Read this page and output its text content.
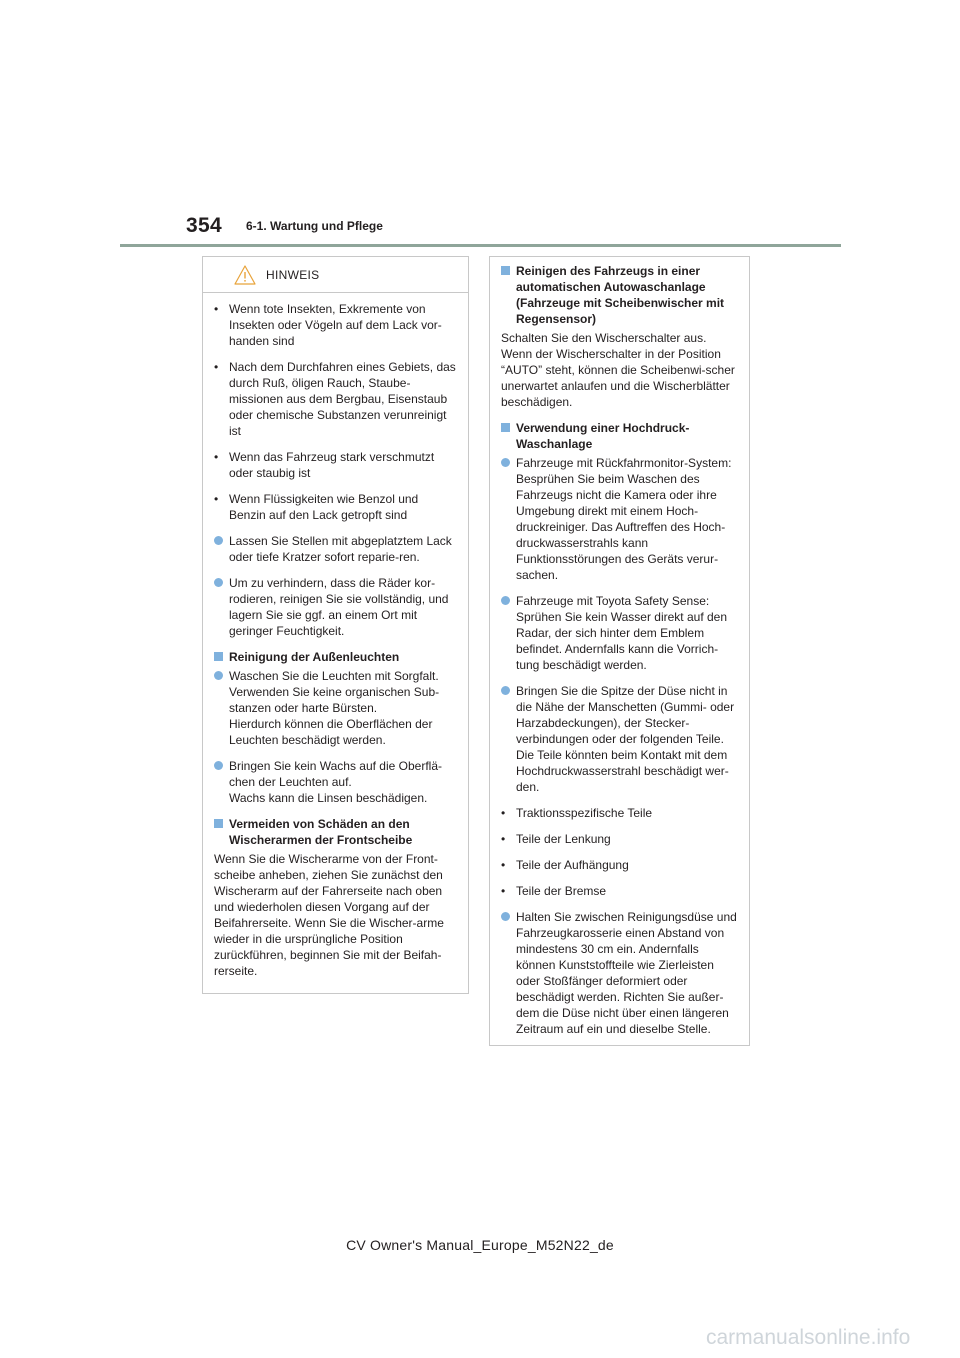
354 6-1. Wartung und Pflege
HINWEIS

• Wenn tote Insekten, Exkremente von Insekten oder Vögeln auf dem Lack vor-handen sind

• Nach dem Durchfahren eines Gebiets, das durch Ruß, öligen Rauch, Staube-missionen aus dem Bergbau, Eisenstaub oder chemische Substanzen verunreinigt ist

• Wenn das Fahrzeug stark verschmutzt oder staubig ist

• Wenn Flüssigkeiten wie Benzol und Benzin auf den Lack getropft sind

Lassen Sie Stellen mit abgeplatztem Lack oder tiefe Kratzer sofort reparie-ren.

Um zu verhindern, dass die Räder kor-rodieren, reinigen Sie sie vollständig, und lagern Sie sie ggf. an einem Ort mit geringer Feuchtigkeit.

Reinigung der Außenleuchten

Waschen Sie die Leuchten mit Sorgfalt. Verwenden Sie keine organischen Sub-stanzen oder harte Bürsten.
Hierdurch können die Oberflächen der Leuchten beschädigt werden.

Bringen Sie kein Wachs auf die Oberflä-chen der Leuchten auf.
Wachs kann die Linsen beschädigen.

Vermeiden von Schäden an den Wischerarmen der Frontscheibe

Wenn Sie die Wischerarme von der Front-scheibe anheben, ziehen Sie zunächst den Wischerarm auf der Fahrerseite nach oben und wiederholen diesen Vorgang auf der Beifahrerseite. Wenn Sie die Wischer-arme wieder in die ursprüngliche Position zurückführen, beginnen Sie mit der Beifah-rerseite.

Reinigen des Fahrzeugs in einer automatischen Autowaschanlage (Fahrzeuge mit Scheibenwischer mit Regensensor)

Schalten Sie den Wischerschalter aus. Wenn der Wischerschalter in der Position “AUTO” steht, können die Scheibenwi-scher unerwartet anlaufen und die Wischerblätter beschädigen.

Verwendung einer Hochdruck-Waschanlage

Fahrzeuge mit Rückfahrmonitor-System: Besprühen Sie beim Waschen des Fahrzeugs nicht die Kamera oder ihre Umgebung direkt mit einem Hoch-druckreiniger. Das Auftreffen des Hoch-druckwasserstrahls kann Funktionsstörungen des Geräts verur-sachen.

Fahrzeuge mit Toyota Safety Sense: Sprühen Sie kein Wasser direkt auf den Radar, der sich hinter dem Emblem befindet. Andernfalls kann die Vorrich-tung beschädigt werden.

Bringen Sie die Spitze der Düse nicht in die Nähe der Manschetten (Gummi- oder Harzabdeckungen), der Stecker-verbindungen oder der folgenden Teile. Die Teile könnten beim Kontakt mit dem Hochdruckwasserstrahl beschädigt wer-den.

• Traktionsspezifische Teile

• Teile der Lenkung

• Teile der Aufhängung

• Teile der Bremse

Halten Sie zwischen Reinigungsdüse und Fahrzeugkarosserie einen Abstand von mindestens 30 cm ein. Andernfalls können Kunststoffteile wie Zierleisten oder Stoßfänger deformiert oder beschädigt werden. Richten Sie außer-dem die Düse nicht über einen längeren Zeitraum auf ein und dieselbe Stelle.

CV Owner's Manual_Europe_M52N22_de
carmanualsonline.info
